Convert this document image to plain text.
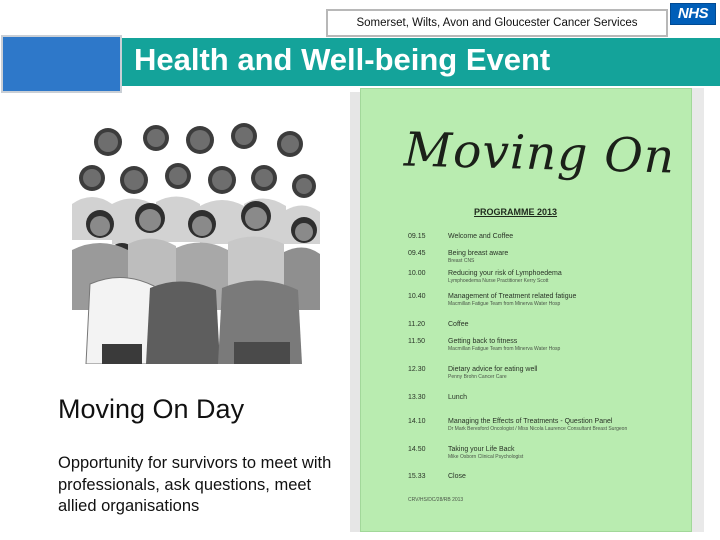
Somerset, Wilts, Avon and Gloucester Cancer Services
NHS
Health and Well-being Event
Moving On Day
Opportunity for survivors to meet with professionals, ask questions, meet allied organisations
Moving On
PROGRAMME 2013
09.15	Welcome and Coffee
09.45	Being breast aware
Breast CNS
10.00	Reducing your risk of Lymphoedema
Lymphoedema Nurse Practitioner Kerry Scott
10.40	Management of Treatment related fatigue
Macmillan Fatigue Team from Minerva Water Hosp
11.20	Coffee
11.50	Getting back to fitness
Macmillan Fatigue Team from Minerva Water Hosp
12.30	Dietary advice for eating well
Penny Brohn Cancer Care
13.30	Lunch
14.10	Managing the Effects of Treatments - Question Panel
Dr Mark Beresford Oncologist / Miss Nicola Laurence Consultant Breast Surgeon
14.50	Taking your Life Back
Mike Osborn Clinical Psychologist
15.33	Close
CRV/HS/DC/28/RB 2013
